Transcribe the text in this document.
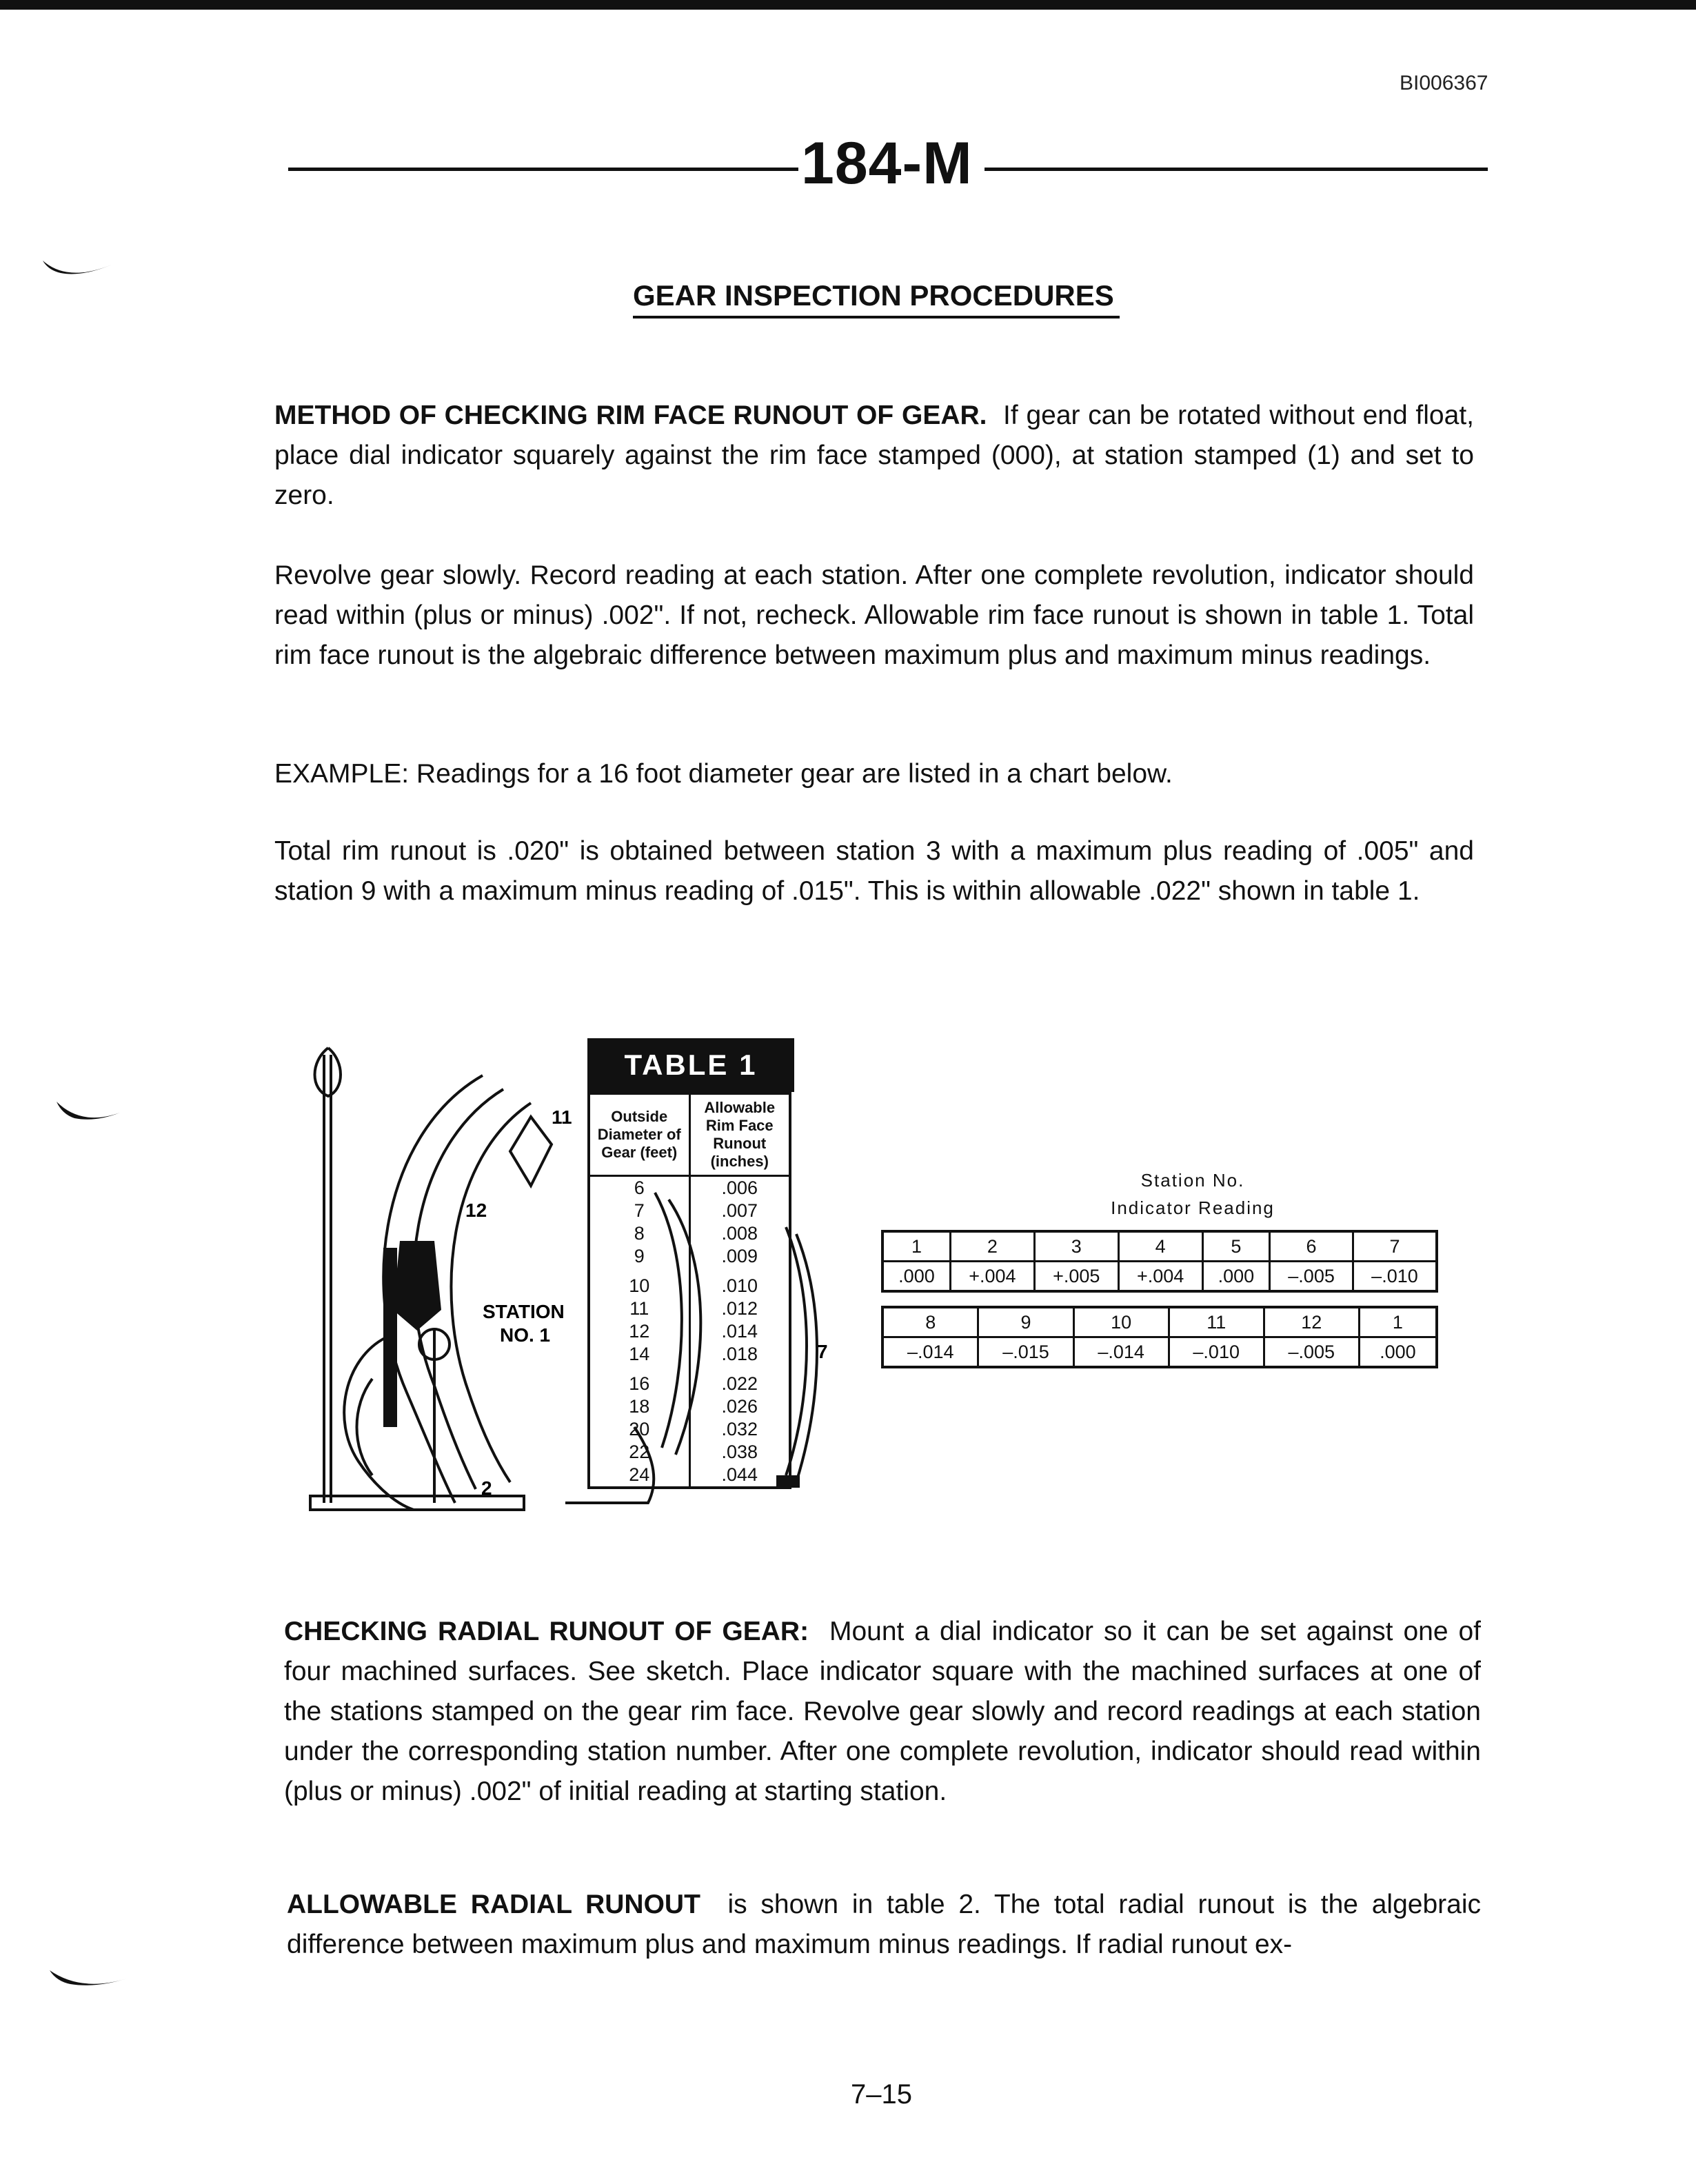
BI006367
184-M
GEAR INSPECTION PROCEDURES
METHOD OF CHECKING RIM FACE RUNOUT OF GEAR. If gear can be rotated without end float, place dial indicator squarely against the rim face stamped (000), at station stamped (1) and set to zero.
Revolve gear slowly. Record reading at each station. After one complete revolution, indicator should read within (plus or minus) .002". If not, recheck. Allowable rim face runout is shown in table 1. Total rim face runout is the algebraic difference between maximum plus and maximum minus readings.
EXAMPLE: Readings for a 16 foot diameter gear are listed in a chart below.
Total rim runout is .020" is obtained between station 3 with a maximum plus reading of .005" and station 9 with a maximum minus reading of .015". This is within allowable .022" shown in table 1.
12
11
STATION
NO. 1
7
2
TABLE 1
Outside Diameter of Gear (feet)	Allowable Rim Face Runout (inches)
6	.006
7	.007
8	.008
9	.009
10	.010
11	.012
12	.014
14	.018
16	.022
18	.026
20	.032
22	.038
24	.044
Station No.
Indicator Reading
1	2	3	4	5	6	7
.000	+.004	+.005	+.004	.000	–.005	–.010
8	9	10	11	12	1
–.014	–.015	–.014	–.010	–.005	.000
CHECKING RADIAL RUNOUT OF GEAR: Mount a dial indicator so it can be set against one of four machined surfaces. See sketch. Place indicator square with the machined surfaces at one of the stations stamped on the gear rim face. Revolve gear slowly and record readings at each station under the corresponding station number. After one complete revolution, indicator should read within (plus or minus) .002" of initial reading at starting station.
ALLOWABLE RADIAL RUNOUT is shown in table 2. The total radial runout is the algebraic difference between maximum plus and maximum minus readings. If radial runout ex-
7–15
